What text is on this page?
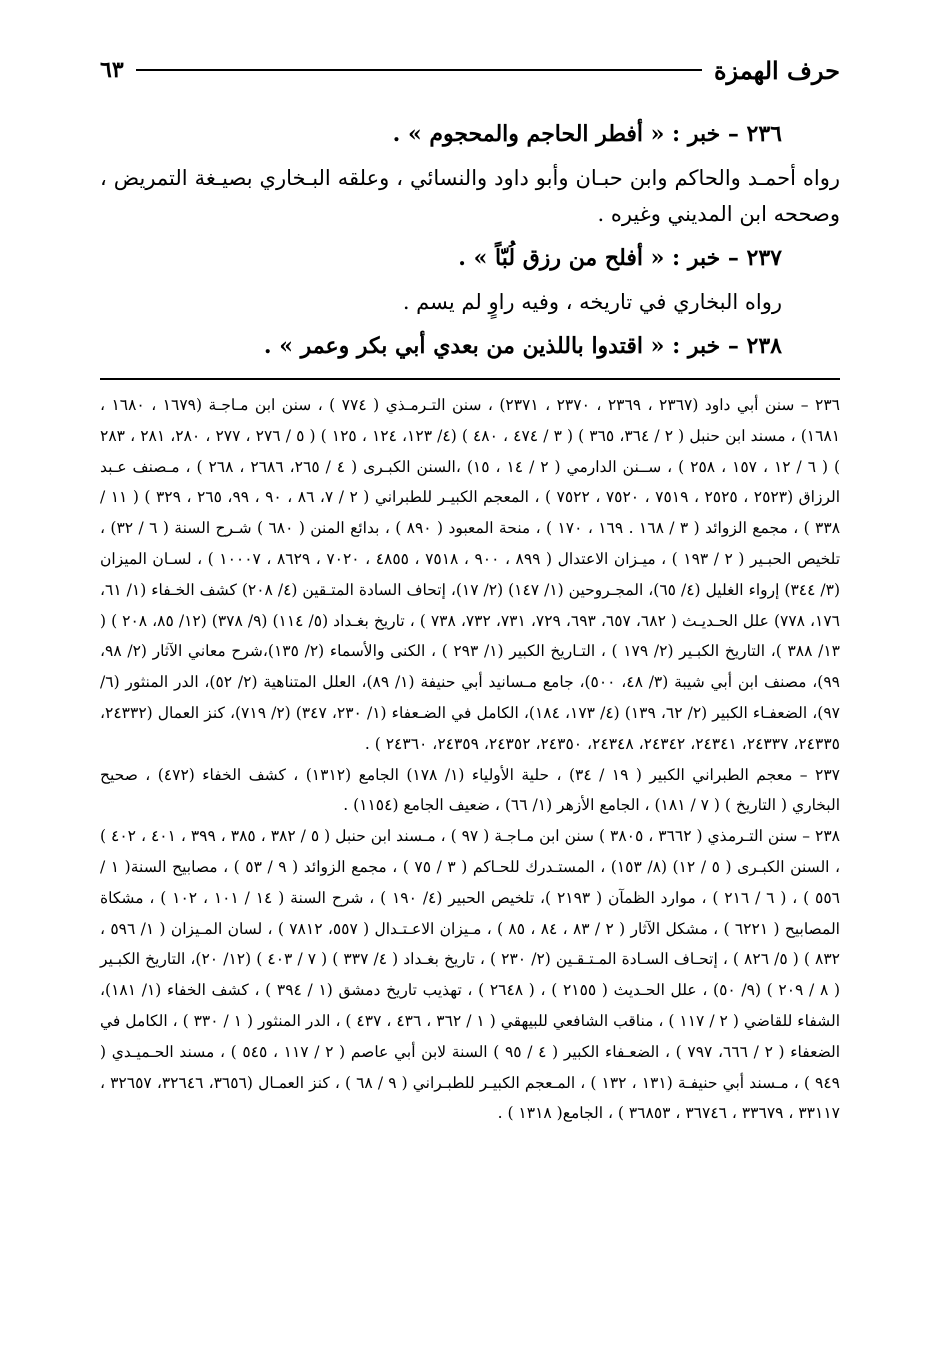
حرف الهمزة
٦٣

٢٣٦ – خبر : « أفطر الحاجم والمحجوم » .

رواه أحمـد والحاكم وابن حبـان وأبو داود والنسائي ، وعلقه البـخاري بصيـغة التمريض ، وصححه ابن المديني وغيره .

٢٣٧ – خبر : « أفلح من رزق لُبّاً » .

رواه البخاري في تاريخه ، وفيه راوٍ لم يسم .

٢٣٨ – خبر : « اقتدوا باللذين من بعدي أبي بكر وعمر » .

٢٣٦ – سنن أبي داود (٢٣٦٧ ، ٢٣٦٩ ، ٢٣٧٠ ، ٢٣٧١) ، سنن التـرمـذي ( ٧٧٤ ) ، سنن ابن مـاجـة (١٦٧٩ ، ١٦٨٠ ، ١٦٨١) ، مسند ابن حنبل ( ٢ / ٣٦٤، ٣٦٥ ) ( ٣ / ٤٧٤ ، ٤٨٠ ) (٤/ ١٢٣، ١٢٤ ، ١٢٥ ) ( ٥ / ٢٧٦ ، ٢٧٧ ، ٢٨٠، ٢٨١ ، ٢٨٣ ) ( ٦ / ١٢ ، ١٥٧ ، ٢٥٨ ) ، ســنن الدارمي ( ٢ / ١٤ ، ١٥) ،السنن الكبـرى ( ٤ / ٢٦٥، ٢٦٨٦ ، ٢٦٨ ) ، مـصنف عـبد الرزاق (٢٥٢٣ ، ٢٥٢٥ ، ٧٥١٩ ، ٧٥٢٠ ، ٧٥٢٢ ) ، المعجم الكبيـر للطبراني ( ٢ / ٧، ٨٦ ، ٩٠ ، ٩٩، ٢٦٥ ، ٣٢٩ ) ( ١١ / ٣٣٨ ) ، مجمع الزوائد ( ٣ / ١٦٨ . ١٦٩ ، ١٧٠ ) ، منحة المعبود ( ٨٩٠ ) ، بدائع المنن ( ٦٨٠ ) شـرح السنة ( ٦ / ٣٢) ، تلخيص الحبـير ( ٢ / ١٩٣ ) ، ميـزان الاعتدال ( ٨٩٩ ، ٩٠٠ ، ٧٥١٨ ، ٤٨٥٥ ، ٧٠٢٠ ، ٨٦٢٩ ، ١٠٠٠٧ ) ، لسـان الميزان (٣/ ٣٤٤) إرواء الغليل (٤/ ٦٥)، المجـروحين (١/ ١٤٧) (٢/ ١٧)، إتحاف السادة المتـقين (٤/ ٢٠٨) كشف الخـفاء (١/ ٦١، ١٧٦، ٧٧٨) علل الحـديـث ( ٦٨٢، ٦٥٧، ٦٩٣، ٧٢٩، ٧٣١، ٧٣٢، ٧٣٨ ) ، تاريخ بغـداد (٥/ ١١٤) (٩/ ٣٧٨) (١٢/ ٨٥، ٢٠٨ ) ( ١٣/ ٣٨٨ )، التاريخ الكبـير (٢/ ١٧٩ ) ، التـاريخ الكبير (١/ ٢٩٣ ) ، الكنى والأسماء (٢/ ١٣٥)،شرح معاني الآثار (٢/ ٩٨، ٩٩)، مصنف ابن أبي شيبة (٣/ ٤٨، ٥٠٠)، جامع مـسانيد أبي حنيفة (١/ ٨٩)، العلل المتناهية (٢/ ٥٢)، الدر المنثور (٦/ ٩٧)، الضعفـاء الكبير (٢/ ٦٢، ١٣٩) (٤/ ١٧٣، ١٨٤)، الكامل في الضـعفاء (١/ ٢٣٠، ٣٤٧) (٢/ ٧١٩)، كنز العمال (٢٤٣٣٢، ٢٤٣٣٥، ٢٤٣٣٧، ٢٤٣٤١، ٢٤٣٤٢، ٢٤٣٤٨، ٢٤٣٥٠، ٢٤٣٥٢، ٢٤٣٥٩، ٢٤٣٦٠ ) .

٢٣٧ – معجم الطبراني الكبير ( ١٩ / ٣٤) ، حلية الأولياء (١/ ١٧٨) الجامع (١٣١٢) ، كشف الخفاء (٤٧٢) ، صحيح البخاري ( التاريخ ) ( ٧ / ١٨١) ، الجامع الأزهر (١/ ٦٦) ، ضعيف الجامع (١١٥٤) .

٢٣٨ – سنن التـرمذي ( ٣٦٦٢ ، ٣٨٠٥ ) سنن ابن مـاجـة ( ٩٧ ) ، مـسند ابن حنبل ( ٥ / ٣٨٢ ، ٣٨٥ ، ٣٩٩ ، ٤٠١ ، ٤٠٢ ) ، السنن الكبـرى ( ٥ / ١٢) (٨/ ١٥٣) ، المستـدرك للحـاكم ( ٣ / ٧٥ ) ، مجمع الزوائد ( ٩ / ٥٣ ) ، مصابيح السنة( ١ / ٥٥٦ ) ، ( ٦ / ٢١٦ ) ، موارد الظمآن ( ٢١٩٣ )، تلخيص الحبير (٤/ ١٩٠ ) ، شرح السنة ( ١٤ / ١٠١ ، ١٠٢ ) ، مشكاة المصابيح ( ٦٢٢١ ) ، مشكل الآثار ( ٢ / ٨٣ ، ٨٤ ، ٨٥ ) ، مـيزان الاعـتـدال ( ٥٥٧، ٧٨١٢ ) ، لسان المـيزان ( ١/ ٥٩٦ ، ٨٣٢ ) ( ٥/ ٨٢٦ ) ، إتحـاف السـادة المـتـقـين (٢/ ٢٣٠ ) ، تاريخ بغـداد ( ٤/ ٣٣٧ ) ( ٧ / ٤٠٣ ) (١٢/ ٢٠)، التاريخ الكبـير ( ٨ / ٢٠٩ ) (٩/ ٥٠) ، علل الحـديث ( ٢١٥٥ ) ، ( ٢٦٤٨ ) ، تهذيب تاريخ دمشق (١ / ٣٩٤ ) ، كشف الخفاء (١/ ١٨١)، الشفاء للقاضي ( ٢ / ١١٧ ) ، مناقب الشافعي للبيهقي ( ١ / ٣٦٢ ، ٤٣٦ ، ٤٣٧ ) ، الدر المنثور ( ١ / ٣٣٠ ) ، الكامل في الضعفاء ( ٢ / ٦٦٦، ٧٩٧ ) ، الضعـفاء الكبير ( ٤ / ٩٥ ) السنة لابن أبي عاصم ( ٢ / ١١٧ ، ٥٤٥ ) ، مسند الحـميـدي ( ٩٤٩ ) ، مـسند أبي حنيفـة (١٣١ ، ١٣٢ ) ، المـعجم الكبيـر للطبـراني ( ٩ / ٦٨ ) ، كنز العمـال (٣٦٥٦، ٣٢٦٤٦، ٣٢٦٥٧ ، ٣٣١١٧ ، ٣٣٦٧٩ ، ٣٦٧٤٦ ، ٣٦٨٥٣ ) ، الجامع( ١٣١٨ ) .
